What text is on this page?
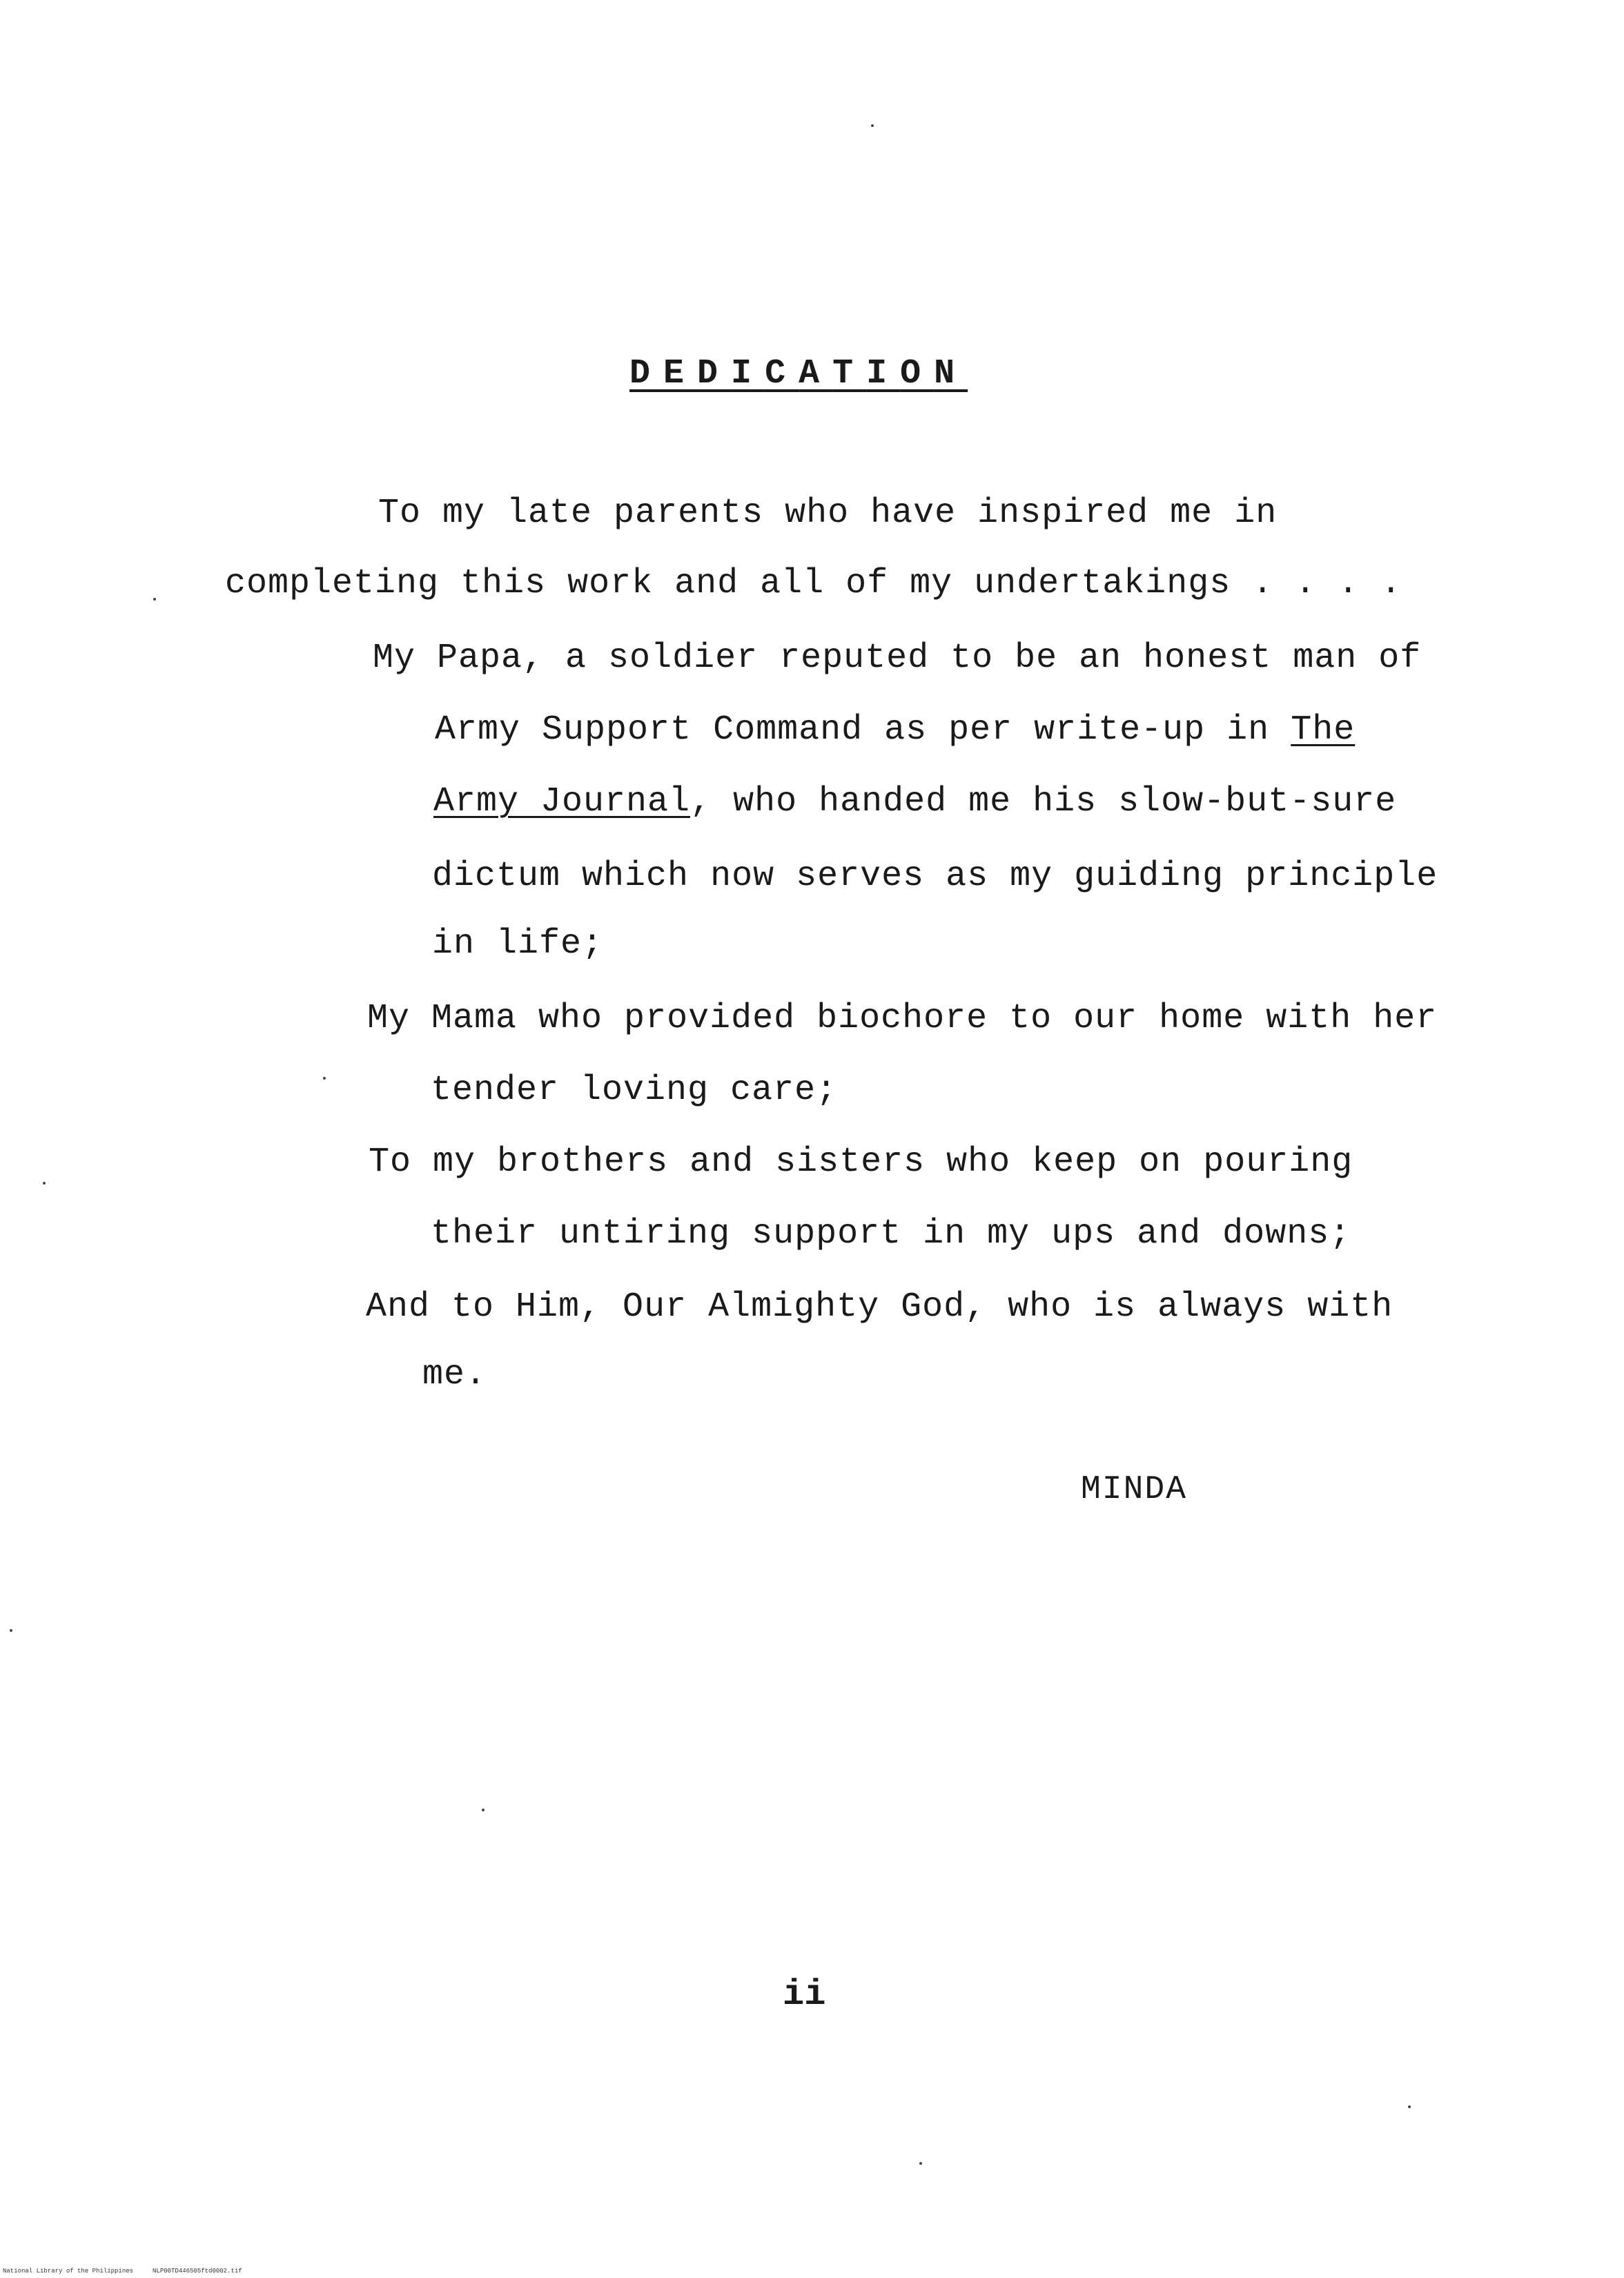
DEDICATION
To my late parents who have inspired me in
completing this work and all of my undertakings . . . .
My Papa, a soldier reputed to be an honest man of
Army Support Command as per write-up in The
Army Journal, who handed me his slow-but-sure
dictum which now serves as my guiding principle
in life;
My Mama who provided biochore to our home with her
tender loving care;
To my brothers and sisters who keep on pouring
their untiring support in my ups and downs;
And to Him, Our Almighty God, who is always with
me.
MINDA
ii
National Library of the Philippines	NLP00TD446505ftd0002.tif
